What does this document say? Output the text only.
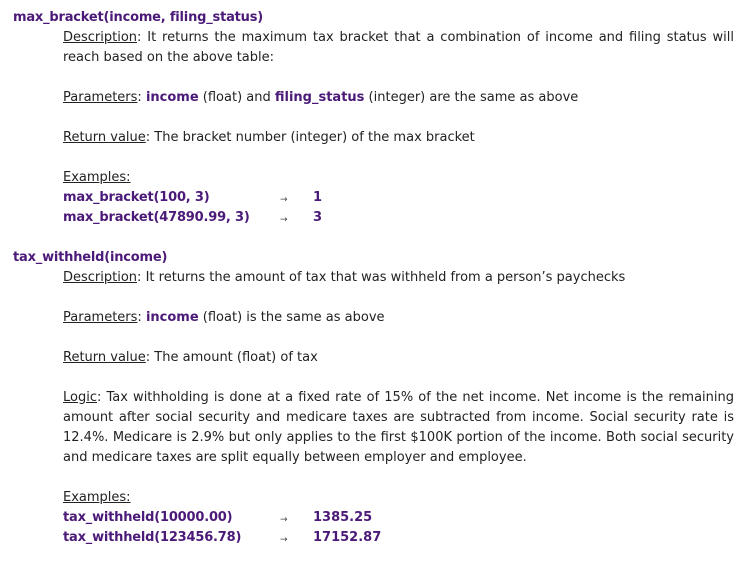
max_bracket(income, filing_status)
Description: It returns the maximum tax bracket that a combination of income and filing status will reach based on the above table:
Parameters: income (float) and filing_status (integer) are the same as above
Return value: The bracket number (integer) of the max bracket
Examples:
max_bracket(100, 3)	→ 1
max_bracket(47890.99, 3)	→ 3
tax_withheld(income)
Description: It returns the amount of tax that was withheld from a person’s paychecks
Parameters: income (float) is the same as above
Return value: The amount (float) of tax
Logic: Tax withholding is done at a fixed rate of 15% of the net income. Net income is the remaining amount after social security and medicare taxes are subtracted from income. Social security rate is 12.4%. Medicare is 2.9% but only applies to the first $100K portion of the income. Both social security and medicare taxes are split equally between employer and employee.
Examples:
tax_withheld(10000.00)	→ 1385.25
tax_withheld(123456.78)	→ 17152.87
